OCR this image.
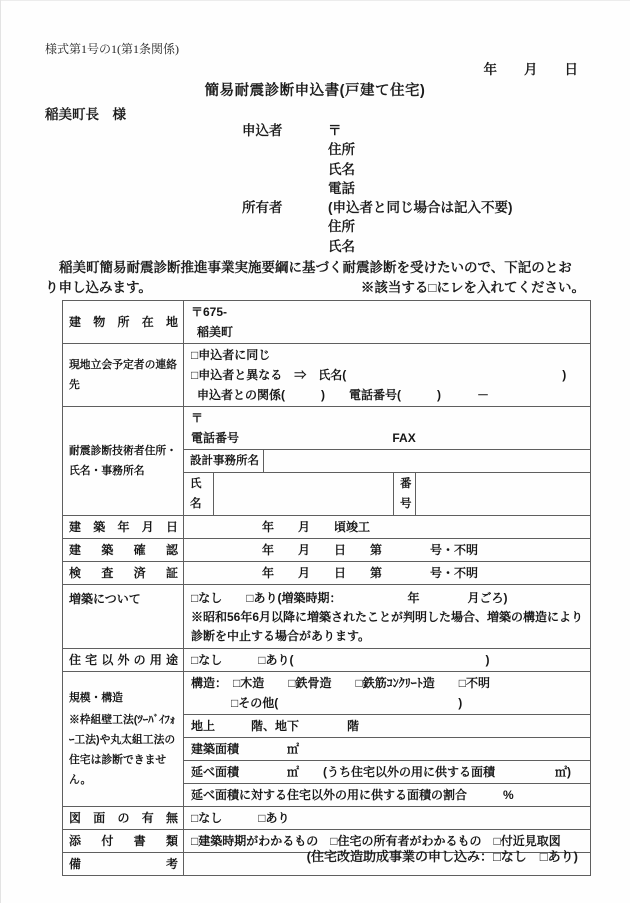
様式第1号の1(第1条関係)
年　　月　　日
簡易耐震診断申込書(戸建て住宅)
稲美町長　様
申込者	〒
住所
氏名
電話
所有者	(申込者と同じ場合は記入不要)
住所
氏名
稲美町簡易耐震診断推進事業実施要綱に基づく耐震診断を受けたいので、下記のとお
り申し込みます。	※該当する□にレを入れてください。
建物所在地	〒675-
稲美町				

現地立会予定者の連絡先	□申込者に同じ
□申込者と異なる　⇒　氏名(　　　　　　　　　　　　　　　　　　)
申込者との関係(　　　)　　電話番号(　　　)　　　－				

耐震診断技術者住所・氏名・事務所名	〒
電話番号 FAX				

	設計事務所名				
	氏名			番号	
建築年月日	年　　月　　頃竣工				
建築確認	年　　月　　日　　第　　　　号・不明				
検査済証	年　　月　　日　　第　　　　号・不明				
増築について	□なし　　□あり(増築時期：　　　　　　年　　　　月ごろ)
※昭和56年6月以降に増築されたことが判明した場合、増築の構造により診断を中止する場合があります。				

住宅以外の用途	□なし　　　□あり(　　　　　　　　　　　　　　　　)				

規模・構造
※枠組壁工法(ﾂｰﾊﾞｲﾌｫｰ工法)や丸太組工法の住宅は診断できません。

構造：　□木造　　□鉄骨造　　□鉄筋ｺﾝｸﾘｰﾄ造　　□不明
□その他(　　　　　　　　　　　　　　　)

	地上　　　階、地下　　　　階				
	建築面積　　　　㎡				
	延べ面積　　　　㎡　　(うち住宅以外の用に供する面積　　　　　㎡)				
	延べ面積に対する住宅以外の用に供する面積の割合　　　%				
図面の有無	□なし　　　□あり				
添付書類	□建築時期がわかるもの　□住宅の所有者がわかるもの　□付近見取図				
備考						(住宅改造助成事業の申し込み：□なし　□あり)
